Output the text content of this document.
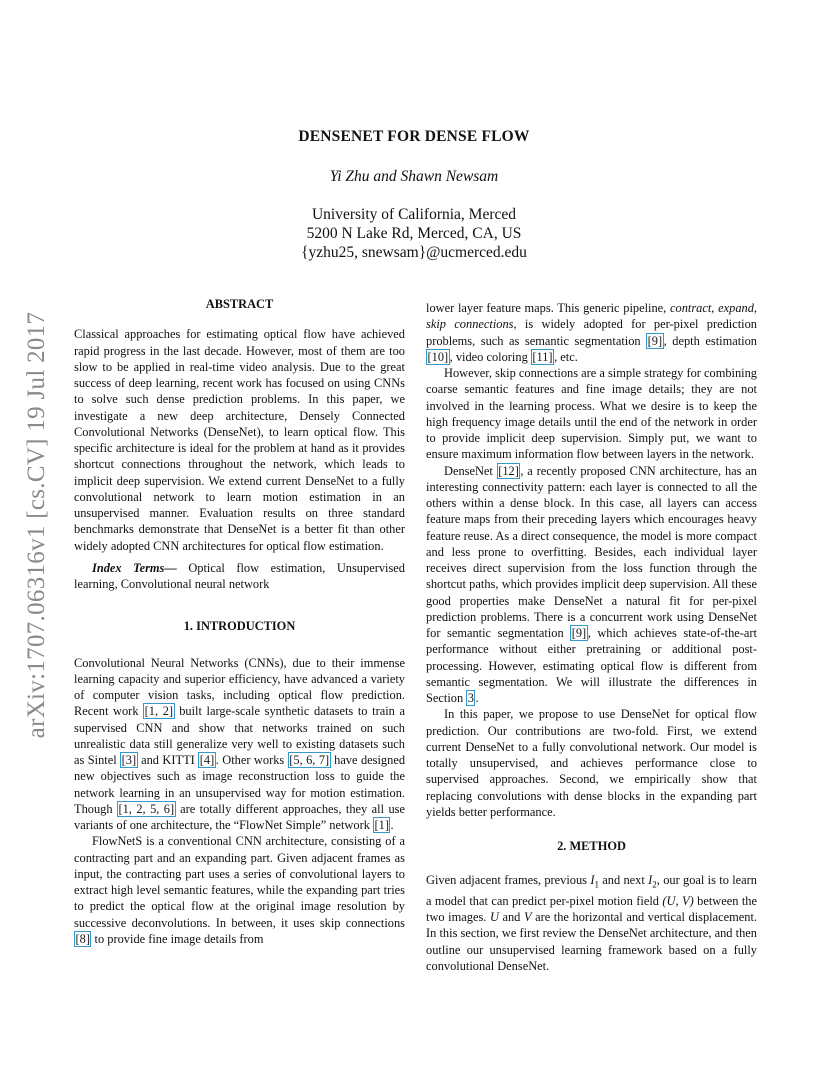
arXiv:1707.06316v1 [cs.CV] 19 Jul 2017
DENSENET FOR DENSE FLOW
Yi Zhu and Shawn Newsam
University of California, Merced
5200 N Lake Rd, Merced, CA, US
{yzhu25, snewsam}@ucmerced.edu

ABSTRACT

Classical approaches for estimating optical flow have achieved rapid progress in the last decade. However, most of them are too slow to be applied in real-time video analysis. Due to the great success of deep learning, recent work has focused on using CNNs to solve such dense prediction problems. In this paper, we investigate a new deep architecture, Densely Connected Convolutional Networks (DenseNet), to learn optical flow. This specific architecture is ideal for the problem at hand as it provides shortcut connections throughout the network, which leads to implicit deep supervision. We extend current DenseNet to a fully convolutional network to learn motion estimation in an unsupervised manner. Evaluation results on three standard benchmarks demonstrate that DenseNet is a better fit than other widely adopted CNN architectures for optical flow estimation.

Index Terms— Optical flow estimation, Unsupervised learning, Convolutional neural network

1. INTRODUCTION

Convolutional Neural Networks (CNNs), due to their immense learning capacity and superior efficiency, have advanced a variety of computer vision tasks, including optical flow prediction. Recent work [1, 2] built large-scale synthetic datasets to train a supervised CNN and show that networks trained on such unrealistic data still generalize very well to existing datasets such as Sintel [3] and KITTI [4] . Other works [5, 6, 7] have designed new objectives such as image reconstruction loss to guide the network learning in an unsupervised way for motion estimation. Though [1, 2, 5, 6] are totally different approaches, they all use variants of one architecture, the “FlowNet Simple” network [1] .

FlowNetS is a conventional CNN architecture, consisting of a contracting part and an expanding part. Given adjacent frames as input, the contracting part uses a series of convolutional layers to extract high level semantic features, while the expanding part tries to predict the optical flow at the original image resolution by successive deconvolutions. In between, it uses skip connections [8] to provide fine image details from

lower layer feature maps. This generic pipeline, contract, expand, skip connections, is widely adopted for per-pixel prediction problems, such as semantic segmentation [9] , depth estimation [10] , video coloring [11] , etc.

However, skip connections are a simple strategy for combining coarse semantic features and fine image details; they are not involved in the learning process. What we desire is to keep the high frequency image details until the end of the network in order to provide implicit deep supervision. Simply put, we want to ensure maximum information flow between layers in the network.

DenseNet [12] , a recently proposed CNN architecture, has an interesting connectivity pattern: each layer is connected to all the others within a dense block. In this case, all layers can access feature maps from their preceding layers which encourages heavy feature reuse. As a direct consequence, the model is more compact and less prone to overfitting. Besides, each individual layer receives direct supervision from the loss function through the shortcut paths, which provides implicit deep supervision. All these good properties make DenseNet a natural fit for per-pixel prediction problems. There is a concurrent work using DenseNet for semantic segmentation [9] , which achieves state-of-the-art performance without either pretraining or additional post-processing. However, estimating optical flow is different from semantic segmentation. We will illustrate the differences in Section 3 .

In this paper, we propose to use DenseNet for optical flow prediction. Our contributions are two-fold. First, we extend current DenseNet to a fully convolutional network. Our model is totally unsupervised, and achieves performance close to supervised approaches. Second, we empirically show that replacing convolutions with dense blocks in the expanding part yields better performance.

2. METHOD

Given adjacent frames, previous $I_1$ and next $I_2$, our goal is to learn a model that can predict per-pixel motion field (U, V) between the two images. U and V are the horizontal and vertical displacement. In this section, we first review the DenseNet architecture, and then outline our unsupervised learning framework based on a fully convolutional DenseNet.
